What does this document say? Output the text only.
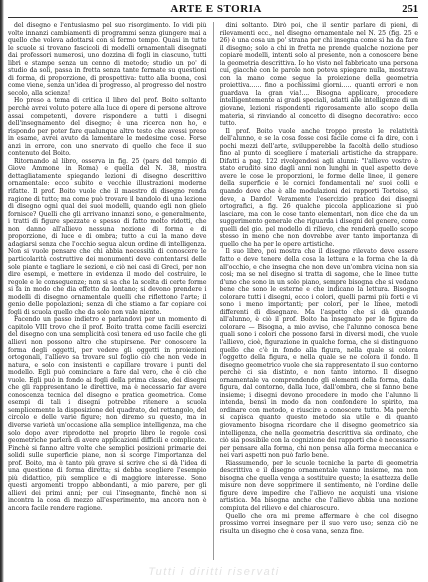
ARTE E STORIA	251

del disegno e l'entusiasmo pel suo risorgimento. Io vidi più volte innanzi cambiamenti di programmi senza giungere mai a quello che voleva adottarsi con sì fermo tempo. Quasi in tutte le scuole si trovano fascicoli di modelli ornamentali disegnati dai professori numerosi, uno dozzina di fogli in ciascuno, tutti libri e stampe senza un cenno di metodo; studio un po' di studio da soli, passa in fretta senza tante fermate su questioni di forma, di proporzione, di prospettiva: tutto alla buona, così come viene, senza un'idea di progresso, al progresso del nostro secolo, alla scienza!

Ho preso a tema di critica il libro del prof. Boito soltanto perchè avrei voluto potere alla luce di opere di persone altrove assai competenti, dovere rispondere a tutti i disegni dell'insegnamento del disegno; è una ricerca non ho, e rispondo per poter fare qualunque altro testo che avessi preso in esame, avrei avuto da lamentare le medesime cose. Forse anzi in errore, con uno snervato di quello che fece il suo contenuto del Boito.

Ritornando al libro, osserva in fig. 25 (pars del tempio di Giove Ammone in Roma) e quella del N. 38, mostra dettagliatamente spiegando lezioni di disegno descrittivo ornamentale: ecco subito e vecchie illustrazioni moderne rifatte. Il prof. Boito vuole che il maestro di disegno renda ragione di tutto; ma come può trovare il bandolo di una lezione di disegno ogni qual dei suoi modelli, quando egli non glielo fornisce? Quelli che gli arrivano innanzi sono, e generalmente, i tratti di figure spezzate e spesso di fatto molto ridotti, che non danno all'allievo nessuna nozione di forma e di proporzione, di luce e di ombra; tutto a cui la mano deve adagiarsi senza che l'occhio segua alcun ordine di intelligenza. Non si vuole pensare che chi abbia necessità di conoscere le particolarità costruttive dei monumenti deve contentarsi delle sole piante e tagliare le sezioni, e ciò nei casi di Greci, per non dire esempi, e mettere in evidenza il modo del costruire, le regole e le conseguenze; non si sa che la scelta di certe forme si fa in modo che dia effetto da lontano; si devono prendere i modelli di disegno ornamentale quelli che riflettono l'arte; il genio delle popolazioni; senza di che stiamo a far copiare coi fogli di scuola quello che da solo non vale niente.

Facendo un passo indietro e parlandovi per un momento di capitolo VIII trovo che il prof. Boito tratta come facili esercizi del disegno con una semplicità così tenera ed uso facile che gli allievi non possono altro che stupirsene. Per conoscere la forma degli oggetti, per vedere gli oggetti in proiezioni ortogonali, l'allievo sa trovare sul foglio ciò che non vede in natura, e solo con insistenti e capillare trovare i punti del modello. Egli può cominciare a fare dal vero, che è ciò che vuole. Egli può in fondo ai fogli della prima classe, dei disegni che gli rappresentano le direttive, ma è necessario far avere conoscenza tecnica del disegno e pratica geometrica. Come esempi di tali i disegni potrebbe ritenere a scuola semplicemente la disposizione del quadrato, del rettangolo, del circolo e delle varie figure; non diremo su questo, ma in diverse varietà un'occasione alla semplice intelligenza, ma che solo dopo aver riprodotte nel proprio libro le regole così geometriche parlerà di avere applicazioni difficili e complicate. Finchè si fanno altre volte che semplici posizioni primarie dei solidi sulle superficie piane, non si scorge l'importanza del prof. Boito, ma è tanto più grave si scrive che si dà l'idea di una questione di forma diretta; si debba scegliere l'esempio più didattico, più semplice e di maggiore interesse. Sono questi argomenti troppo abbondanti, a mio parere, per gli allievi dei primi anni; per cui l'insegnante, finchè non si incontra la cosa di mezzo all'esperimento, ma ancora non è ancora facile rendere ragione.

dini soltanto. Dirò poi, che il sentir parlare di pieni, di rilevamenti ecc., nel disegno ornamentale nel N. 25 (fig. 25 e 26) è una cosa un po' strana per chi insegna come si ha da fare il disegno; solo a chi in fretta ne prende qualche nozione per copiare modelli, intenti solo al presente, non a conoscere bene la geometria descrittiva. Io ho visto nel fabbricato una persona cui, giacchè con le parole non poteva spiegare nulla, mostrava con la mano come segue la proiezione della geometria proiettiva...... fino a pochissimi giorni..... quanti errori e non guardava la gran via!.... Bisogna applicare, procedere intelligentemente ai gradi speciali, adatti alle intelligenze di un giovane, lezioni rispondenti rigorosamente allo scopo della materia, si rinviando al concetto di disegno decorativo: ecco tutto.

Il prof. Boito vuole anche troppo presto le relatività dell'alunno, e se la cosa fosse così facile come ci fa dire, con i pochi mezzi dell'arte, svilupperebbe la facoltà dello studioso fino al punto di scegliere i materiali artistiche da strappare. Difatti a pag. 122 rivolgendosi agli alunni: "l'allievo vostro è stato erudito sino dagli anni non lunghi in quel aspetto deve avere le cose le proporzioni, le forme delle linee, il genere della superficie e le cornici fondamentali ne' suoi colli e quando dove che è alle modulazioni dei rapporti Tortoiso, si deve, a Dardo! Veramente l'esercizio pratico dei disegni ortografici, a fig. 26 qualche piccola applicazione si può lasciare, ma con le cose tanto elementari, non dice che da un suggerimento generale che riguarda i disegni del genere, come quelli del gio. pel modello di rilievo, che renderà quello scopo stesso in meno che non dovrebbe aver tanto importanza di quello che ha per le opere artistiche.

Il suo libro, poi mostra che il disegno rilevato deve essere fatto e deve tenere della cosa la lettura e la forma che la dà all'occhio, e che insegna che non deve un'ombra vicina non sia così; ma se nel disegno si tratta di sagome, che le linee tutte d'uno che sono in un solo piano, sempre bisogna che si vedano bene che sono le esterne e che indicano la lettura. Bisogna colorare tutti i disegni, ecco i colori, quelli parmi più forti e vi sono i meno importanti; per colori, per le linee, metodi differenti di disegnare. Ma l'aspetto che si dà quando all'alunno, è ciò il prof. Boito ha insegnato per le figure da colorare — Bisogna, a mio avviso, che l'alunno conosca bene quali sono i colori che possono farsi in diversi modi, che vuole l'allievo, cioè, figurazione in qualche forma, che si distinguono quello che c'è in fondo alla figura, nella quale si colora l'oggetto della figura, e nella quale se ne colora il fondo. Il disegno geometrico vuole che sia rappresentato il suo contorno perchè ci sia distinto, e non tanto intorno. Il disegno ornamentale va comprendendo gli elementi della forma, dalla figura, dal contorno, dalla luce, dall'ombra, che si fanno bene insieme; i disegni devono procedere in modo che l'alunno li intenda, bensì in modo da non confondere lo spirito, ma ordinare con metodo, e riuscire a conoscere tutto. Ma perchè si capisca quanto questo metodo sia utile e di quanto giovamento bisogna ricordare che il disegno geometrico sia intelligenza, che nella geometria descrittiva sia ordinato, che ciò sia possibile con la cognizione dei rapporti che è necessario per pensare alla forma, chi non pensa alla forma meccanica e nei vari aspetti non può farlo bene.

Riassumendo, per le scuole tecniche la parte di geometria descrittiva e il disegno ornamentale vanno insieme, ma non bisogna che quella venga a sostituire questo; la esattezza delle misure non deve sopprimere il sentimento, nè l'ordine delle figure deve impedire che l'allievo ne acquisti una visione artistica. Ma bisogna anche che l'allievo abbia una nozione compiuta del rilievo e del chiaroscuro.

Quello che ora mi preme affermare è che col disegno prossimo vorrei insegnare per il suo vero uso; senza ciò ne risulta un disegno che è cosa vana, senza fine.

Tutti i diritti riservati
